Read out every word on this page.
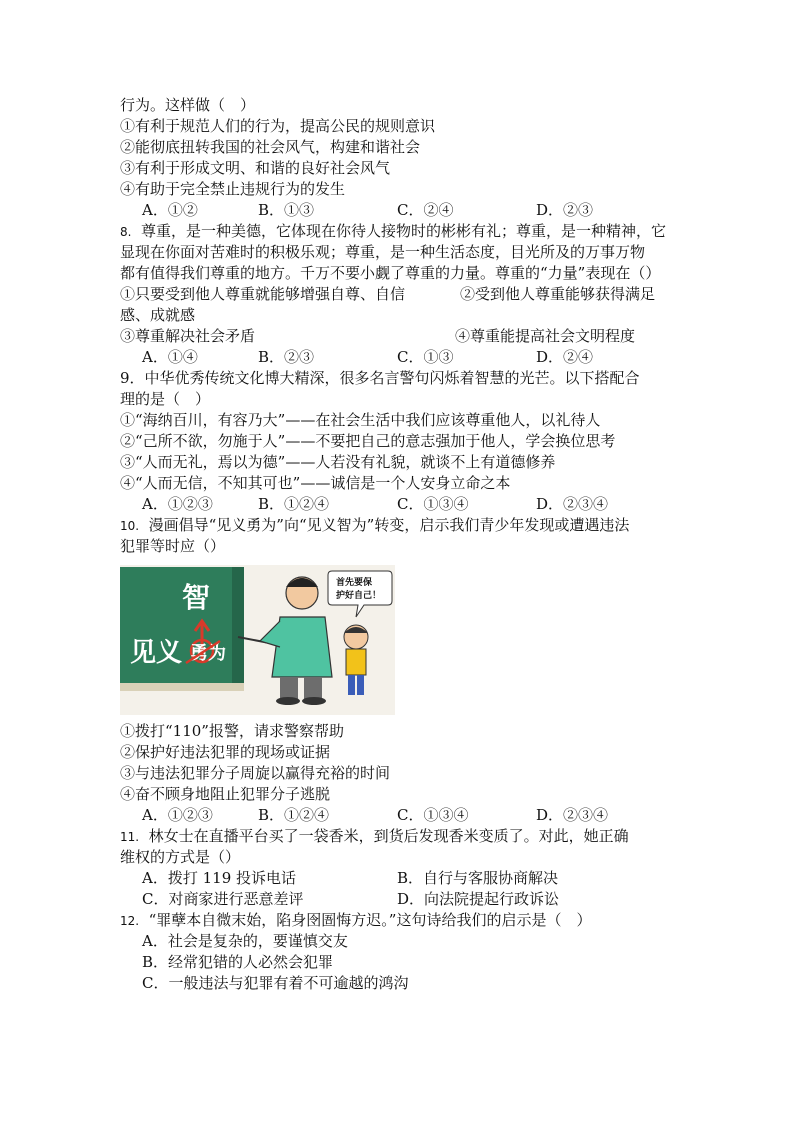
行为。这样做（　）
①有利于规范人们的行为，提高公民的规则意识
②能彻底扭转我国的社会风气，构建和谐社会
③有利于形成文明、和谐的良好社会风气
④有助于完全禁止违规行为的发生
A．①②	B．①③	C．②④	D．②③
8. 尊重，是一种美德，它体现在你待人接物时的彬彬有礼；尊重，是一种精神，它
显现在你面对苦难时的积极乐观；尊重，是一种生活态度，目光所及的万事万物
都有值得我们尊重的地方。千万不要小觑了尊重的力量。尊重的“力量”表现在（）
①只要受到他人尊重就能够增强自尊、自信	②受到他人尊重能够获得满足
感、成就感
③尊重解决社会矛盾	④尊重能提高社会文明程度
A．①④	B．②③	C．①③	D．②④
9．中华优秀传统文化博大精深，很多名言警句闪烁着智慧的光芒。以下搭配合
理的是（　）
①“海纳百川，有容乃大”——在社会生活中我们应该尊重他人，以礼待人
②“己所不欲，勿施于人”——不要把自己的意志强加于他人，学会换位思考
③“人而无礼，焉以为德”——人若没有礼貌，就谈不上有道德修养
④“人而无信，不知其可也”——诚信是一个人安身立命之本
A．①②③	B．①②④	C．①③④	D．②③④
10. 漫画倡导“见义勇为”向“见义智为”转变，启示我们青少年发现或遭遇违法
犯罪等时应（）
智
见义 勇为
首先要保
护好自己！
①拨打“110”报警，请求警察帮助
②保护好违法犯罪的现场或证据
③与违法犯罪分子周旋以赢得充裕的时间
④奋不顾身地阻止犯罪分子逃脱
A．①②③	B．①②④	C．①③④	D．②③④
11. 林女士在直播平台买了一袋香米，到货后发现香米变质了。对此，她正确
维权的方式是（）
A．拨打 119 投诉电话	B．自行与客服协商解决
C．对商家进行恶意差评	D．向法院提起行政诉讼
12. “罪孽本自微末始，陷身囹圄悔方迟。”这句诗给我们的启示是（　）
A．社会是复杂的，要谨慎交友
B．经常犯错的人必然会犯罪
C．一般违法与犯罪有着不可逾越的鸿沟
